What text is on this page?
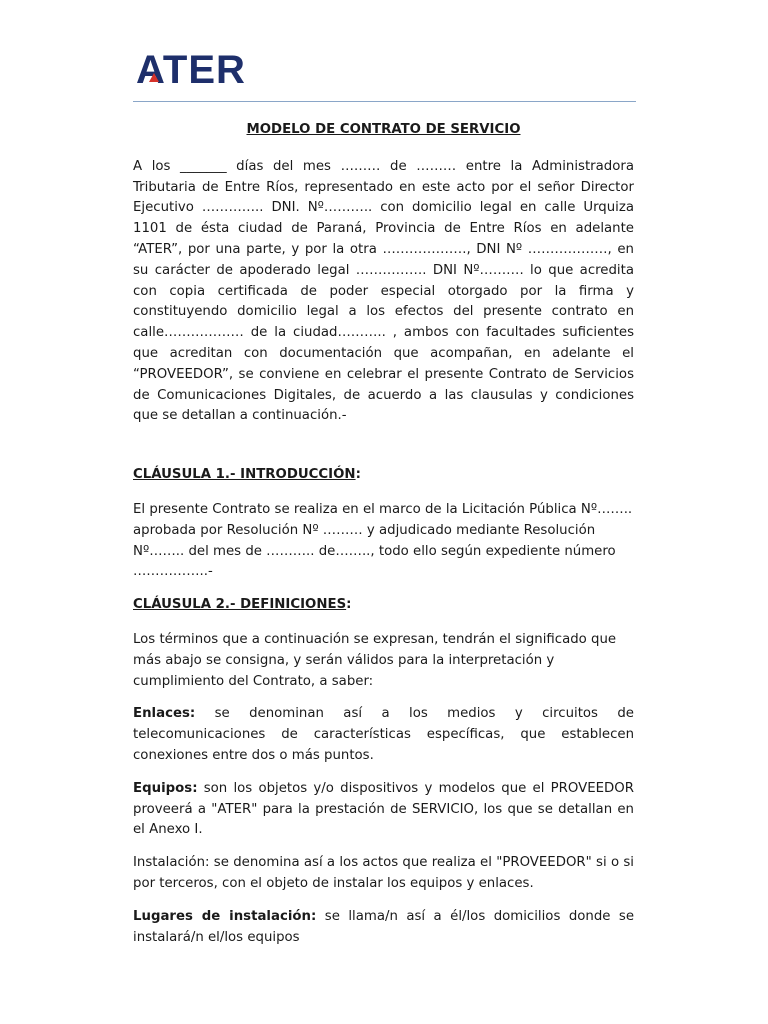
ATER

MODELO DE CONTRATO DE SERVICIO

A los _______ días del mes ……… de ……… entre la Administradora Tributaria de Entre Ríos, representado en este acto por el señor Director Ejecutivo ………….. DNI. Nº……….. con domicilio legal en calle Urquiza 1101 de ésta ciudad de Paraná, Provincia de Entre Ríos en adelante “ATER”, por una parte, y por la otra ………………., DNI Nº ………………, en su carácter de apoderado legal ……………. DNI Nº………. lo que acredita con copia certificada de poder especial otorgado por la firma y constituyendo domicilio legal a los efectos del presente contrato en calle……………… de la ciudad……….. , ambos con facultades suficientes que acreditan con documentación que acompañan, en adelante el “PROVEEDOR”, se conviene en celebrar el presente Contrato de Servicios de Comunicaciones Digitales, de acuerdo a las clausulas y condiciones que se detallan a continuación.-

CLÁUSULA 1.- INTRODUCCIÓN:

El presente Contrato se realiza en el marco de la Licitación Pública Nº…….. aprobada por Resolución Nº ……… y adjudicado mediante Resolución Nº…….. del mes de ……….. de…….., todo ello según expediente número ……………..-

CLÁUSULA 2.- DEFINICIONES:

Los términos que a continuación se expresan, tendrán el significado que más abajo se consigna, y serán válidos para la interpretación y cumplimiento del Contrato, a saber:

Enlaces: se denominan así a los medios y circuitos de telecomunicaciones de características específicas, que establecen conexiones entre dos o más puntos.

Equipos: son los objetos y/o dispositivos y modelos que el PROVEEDOR proveerá a "ATER" para la prestación de SERVICIO, los que se detallan en el Anexo I.

Instalación: se denomina así a los actos que realiza el "PROVEEDOR" si o si por terceros, con el objeto de instalar los equipos y enlaces.

Lugares de instalación: se llama/n así a él/los domicilios donde se instalará/n el/los equipos
